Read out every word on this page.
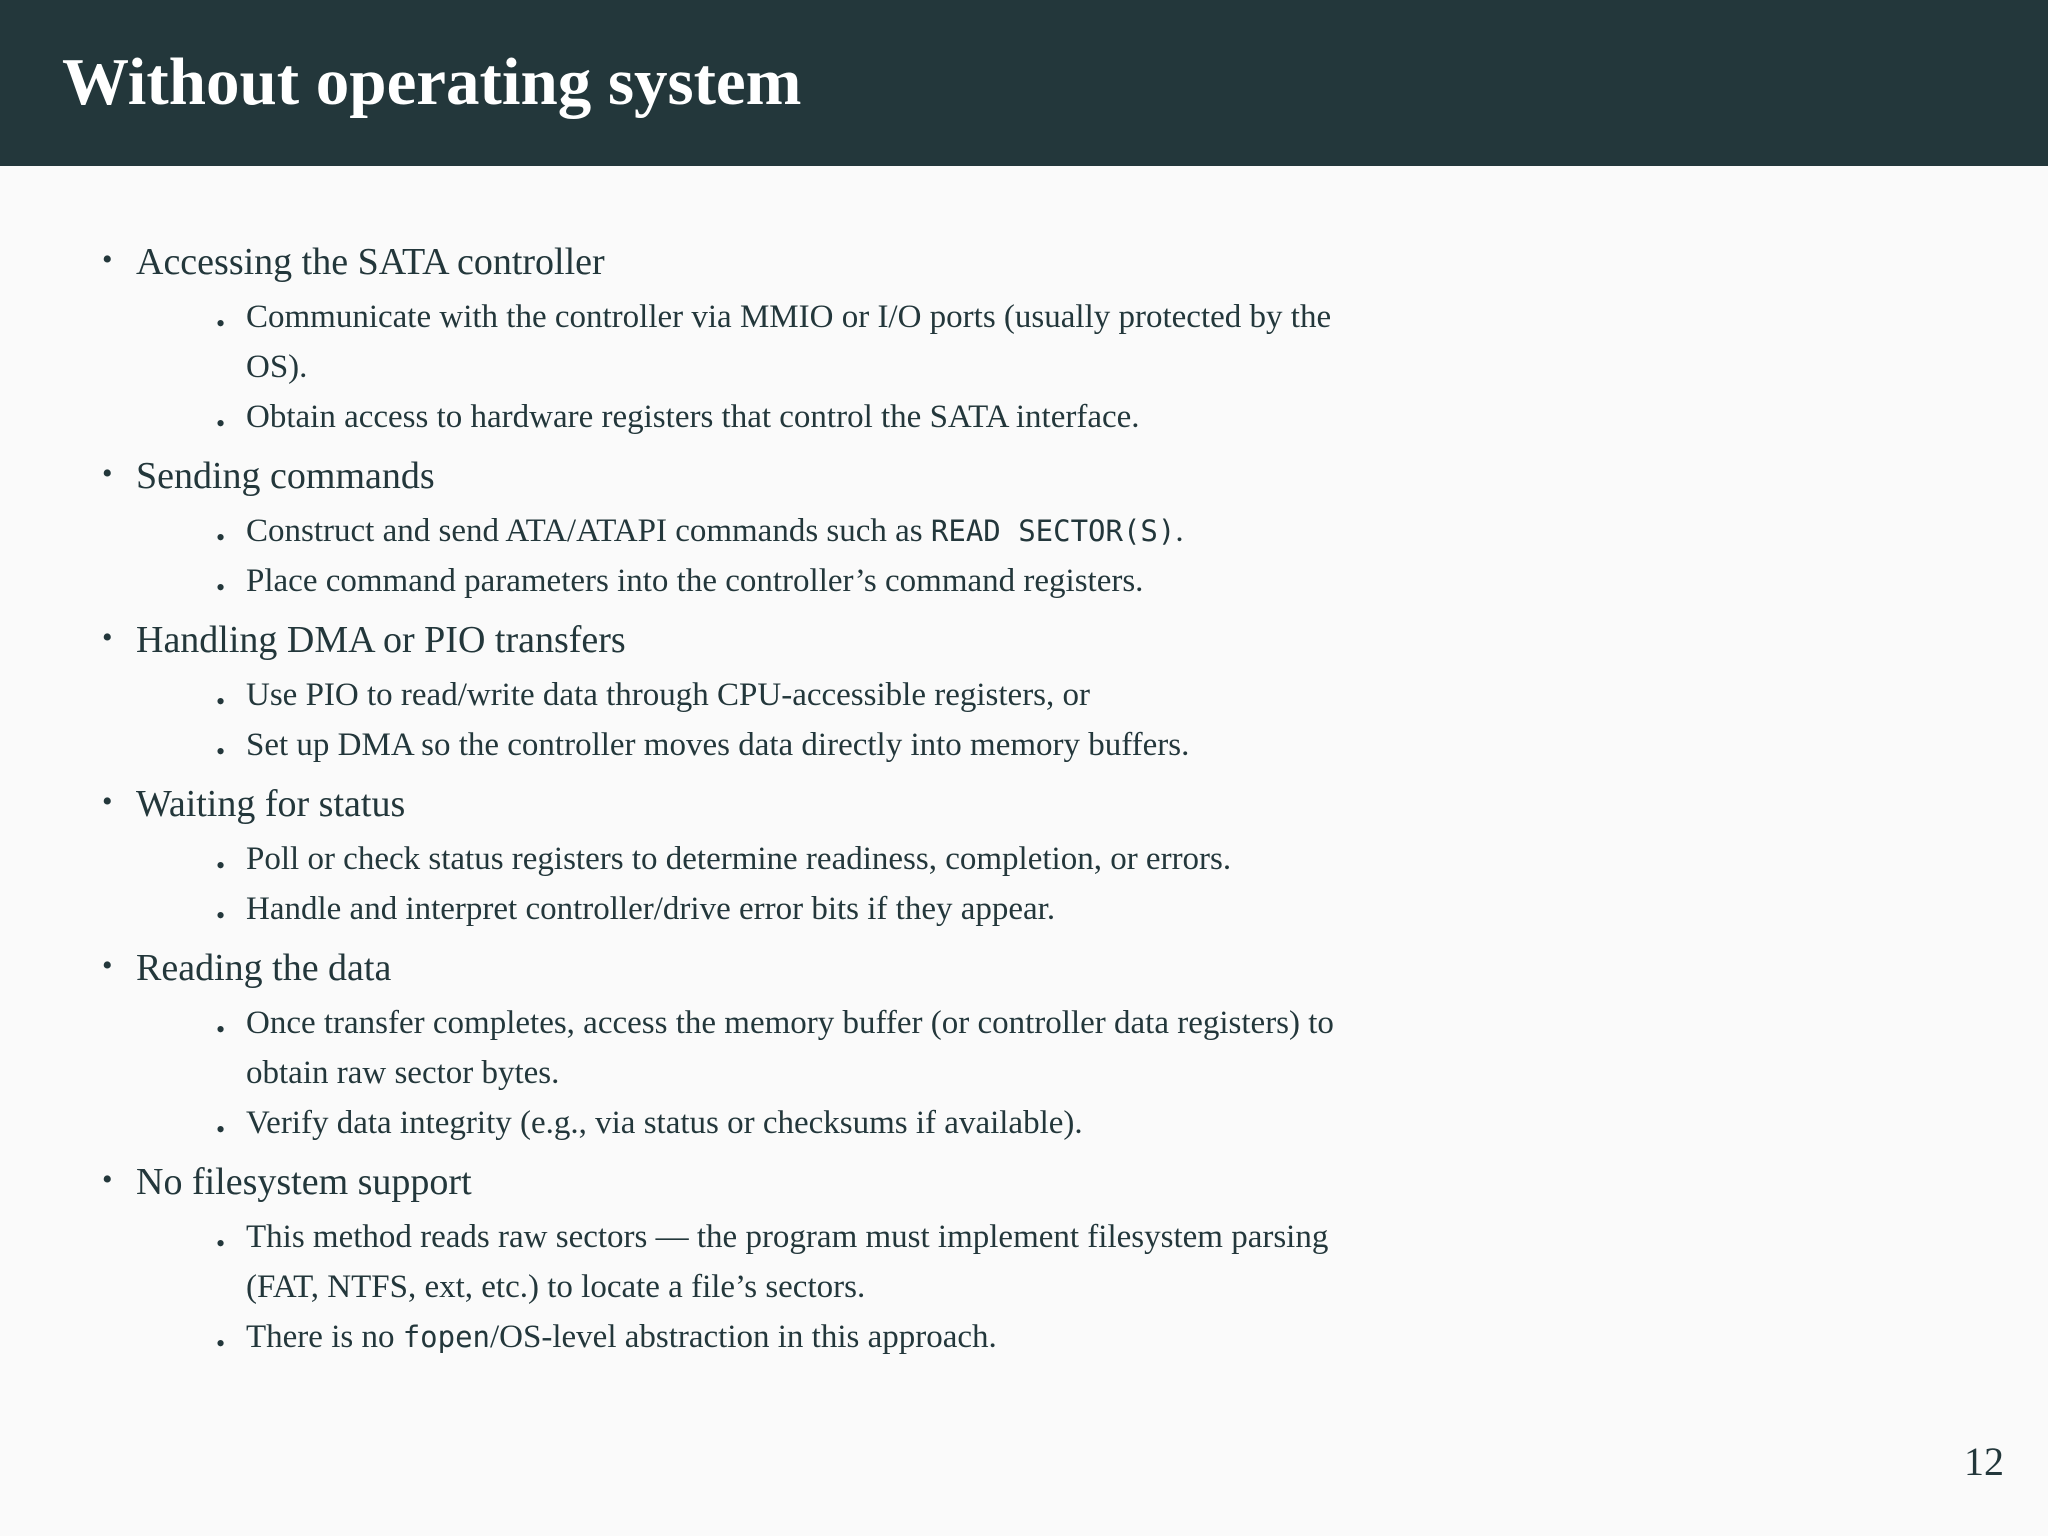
Without operating system
• Accessing the SATA controller
• Communicate with the controller via MMIO or I/O ports (usually protected by the OS).
• Obtain access to hardware registers that control the SATA interface.
• Sending commands
• Construct and send ATA/ATAPI commands such as READ SECTOR(S).
• Place command parameters into the controller’s command registers.
• Handling DMA or PIO transfers
• Use PIO to read/write data through CPU-accessible registers, or
• Set up DMA so the controller moves data directly into memory buffers.
• Waiting for status
• Poll or check status registers to determine readiness, completion, or errors.
• Handle and interpret controller/drive error bits if they appear.
• Reading the data
• Once transfer completes, access the memory buffer (or controller data registers) to obtain raw sector bytes.
• Verify data integrity (e.g., via status or checksums if available).
• No filesystem support
• This method reads raw sectors — the program must implement filesystem parsing (FAT, NTFS, ext, etc.) to locate a file’s sectors.
• There is no fopen/OS-level abstraction in this approach.
12
